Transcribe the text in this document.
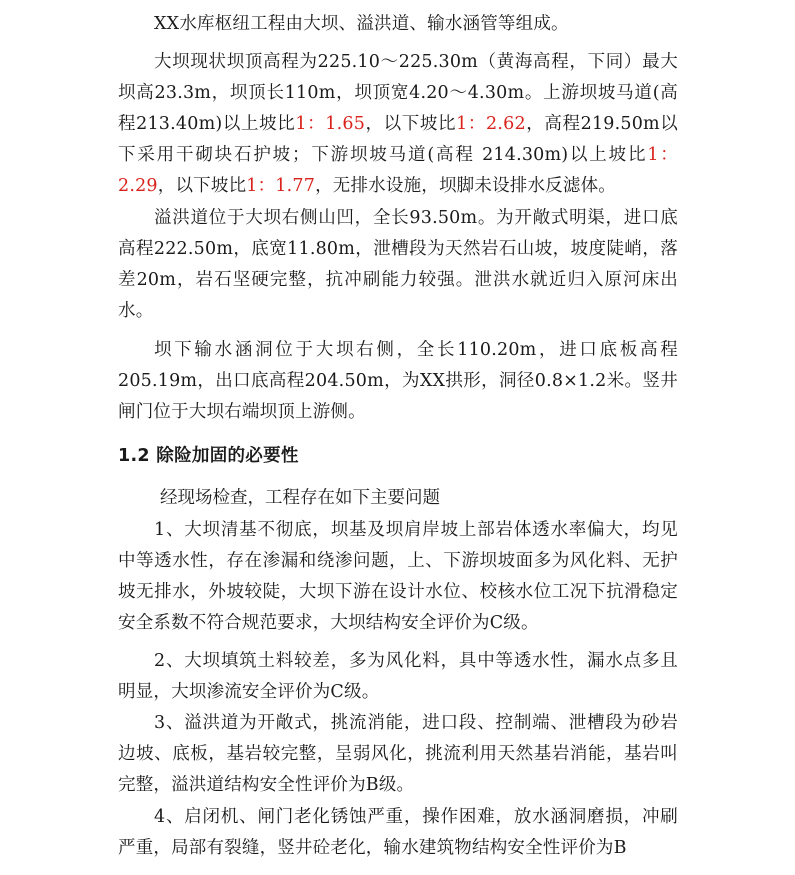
XX水库枢纽工程由大坝、溢洪道、输水涵管等组成。

大坝现状坝顶高程为225.10～225.30m（黄海高程，下同）最大坝高23.3m，坝顶长110m，坝顶宽4.20～4.30m。上游坝坡马道(高程213.40m)以上坡比1：1.65，以下坡比1：2.62，高程219.50m以下采用干砌块石护坡；下游坝坡马道(高程 214.30m)以上坡比1：2.29，以下坡比1：1.77，无排水设施，坝脚未设排水反滤体。

溢洪道位于大坝右侧山凹，全长93.50m。为开敞式明渠，进口底高程222.50m，底宽11.80m，泄槽段为天然岩石山坡，坡度陡峭，落差20m，岩石坚硬完整，抗冲刷能力较强。泄洪水就近归入原河床出水。

坝下输水涵洞位于大坝右侧，全长110.20m，进口底板高程205.19m，出口底高程204.50m，为XX拱形，洞径0.8×1.2米。竖井闸门位于大坝右端坝顶上游侧。

1.2 除险加固的必要性

经现场检查，工程存在如下主要问题

1、大坝清基不彻底，坝基及坝肩岸坡上部岩体透水率偏大，均见中等透水性，存在渗漏和绕渗问题，上、下游坝坡面多为风化料、无护坡无排水，外坡较陡，大坝下游在设计水位、校核水位工况下抗滑稳定安全系数不符合规范要求，大坝结构安全评价为C级。

2、大坝填筑土料较差，多为风化料，具中等透水性，漏水点多且明显，大坝渗流安全评价为C级。

3、溢洪道为开敞式，挑流消能，进口段、控制端、泄槽段为砂岩边坡、底板，基岩较完整，呈弱风化，挑流利用天然基岩消能，基岩叫完整，溢洪道结构安全性评价为B级。

4、启闭机、闸门老化锈蚀严重，操作困难，放水涵洞磨损，冲刷严重，局部有裂缝，竖井砼老化，输水建筑物结构安全性评价为B
